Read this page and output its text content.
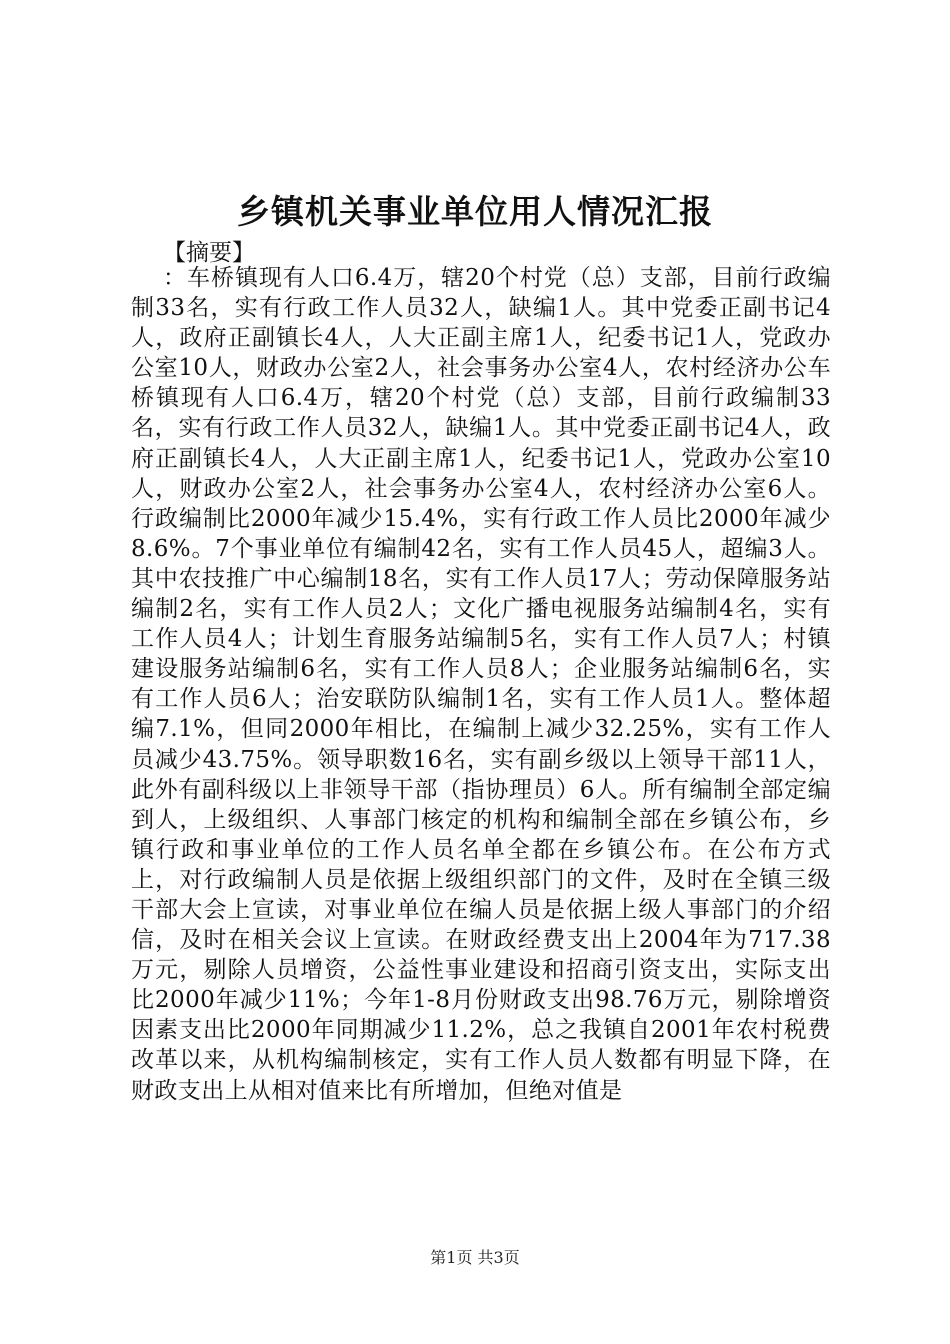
乡镇机关事业单位用人情况汇报

【摘要】

：车桥镇现有人口6.4万，辖20个村党（总）支部，目前行政编制33名，实有行政工作人员32人，缺编1人。其中党委正副书记4人，政府正副镇长4人，人大正副主席1人，纪委书记1人，党政办公室10人，财政办公室2人，社会事务办公室4人，农村经济办公车桥镇现有人口6.4万，辖20个村党（总）支部，目前行政编制33名，实有行政工作人员32人，缺编1人。其中党委正副书记4人，政府正副镇长4人，人大正副主席1人，纪委书记1人，党政办公室10人，财政办公室2人，社会事务办公室4人，农村经济办公室6人。行政编制比2000年减少15.4%，实有行政工作人员比2000年减少8.6%。7个事业单位有编制42名，实有工作人员45人，超编3人。其中农技推广中心编制18名，实有工作人员17人；劳动保障服务站编制2名，实有工作人员2人；文化广播电视服务站编制4名，实有工作人员4人；计划生育服务站编制5名，实有工作人员7人；村镇建设服务站编制6名，实有工作人员8人；企业服务站编制6名，实有工作人员6人；治安联防队编制1名，实有工作人员1人。整体超编7.1%，但同2000年相比，在编制上减少32.25%，实有工作人员减少43.75%。领导职数16名，实有副乡级以上领导干部11人，此外有副科级以上非领导干部（指协理员）6人。所有编制全部定编到人，上级组织、人事部门核定的机构和编制全部在乡镇公布，乡镇行政和事业单位的工作人员名单全都在乡镇公布。在公布方式上，对行政编制人员是依据上级组织部门的文件，及时在全镇三级干部大会上宣读，对事业单位在编人员是依据上级人事部门的介绍信，及时在相关会议上宣读。在财政经费支出上2004年为717.38万元，剔除人员增资，公益性事业建设和招商引资支出，实际支出比2000年减少11%；今年1-8月份财政支出98.76万元，剔除增资因素支出比2000年同期减少11.2%，总之我镇自2001年农村税费改革以来，从机构编制核定，实有工作人员人数都有明显下降，在财政支出上从相对值来比有所增加，但绝对值是

第1页 共3页
